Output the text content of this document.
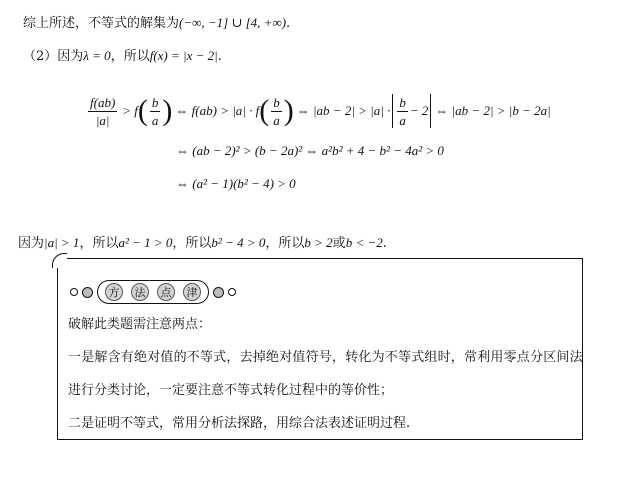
综上所述，不等式的解集为(−∞, −1] ∪ [4, +∞).
（2）因为λ = 0，所以f(x) = |x − 2|.
$\frac{f(ab)}{|a|} > f$ ( $\frac{b}{a}$ ) ⇔ f(ab) > |a| · f ( $\frac{b}{a}$ ) ⇔ $|ab - 2| > |a| \cdot \frac{b}{a} - 2$ ⇔ |ab − 2| > |b − 2a|
⇔ (ab − 2)² > (b − 2a)² ⇔ a²b² + 4 − b² − 4a² > 0
⇔ (a² − 1)(b² − 4) > 0
因为|a| > 1，所以a² − 1 > 0，所以b² − 4 > 0，所以b > 2或b < −2.
方	法	点	津
破解此类题需注意两点：
一是解含有绝对值的不等式，去掉绝对值符号，转化为不等式组时，常利用零点分区间法
进行分类讨论，一定要注意不等式转化过程中的等价性；
二是证明不等式，常用分析法探路，用综合法表述证明过程.
